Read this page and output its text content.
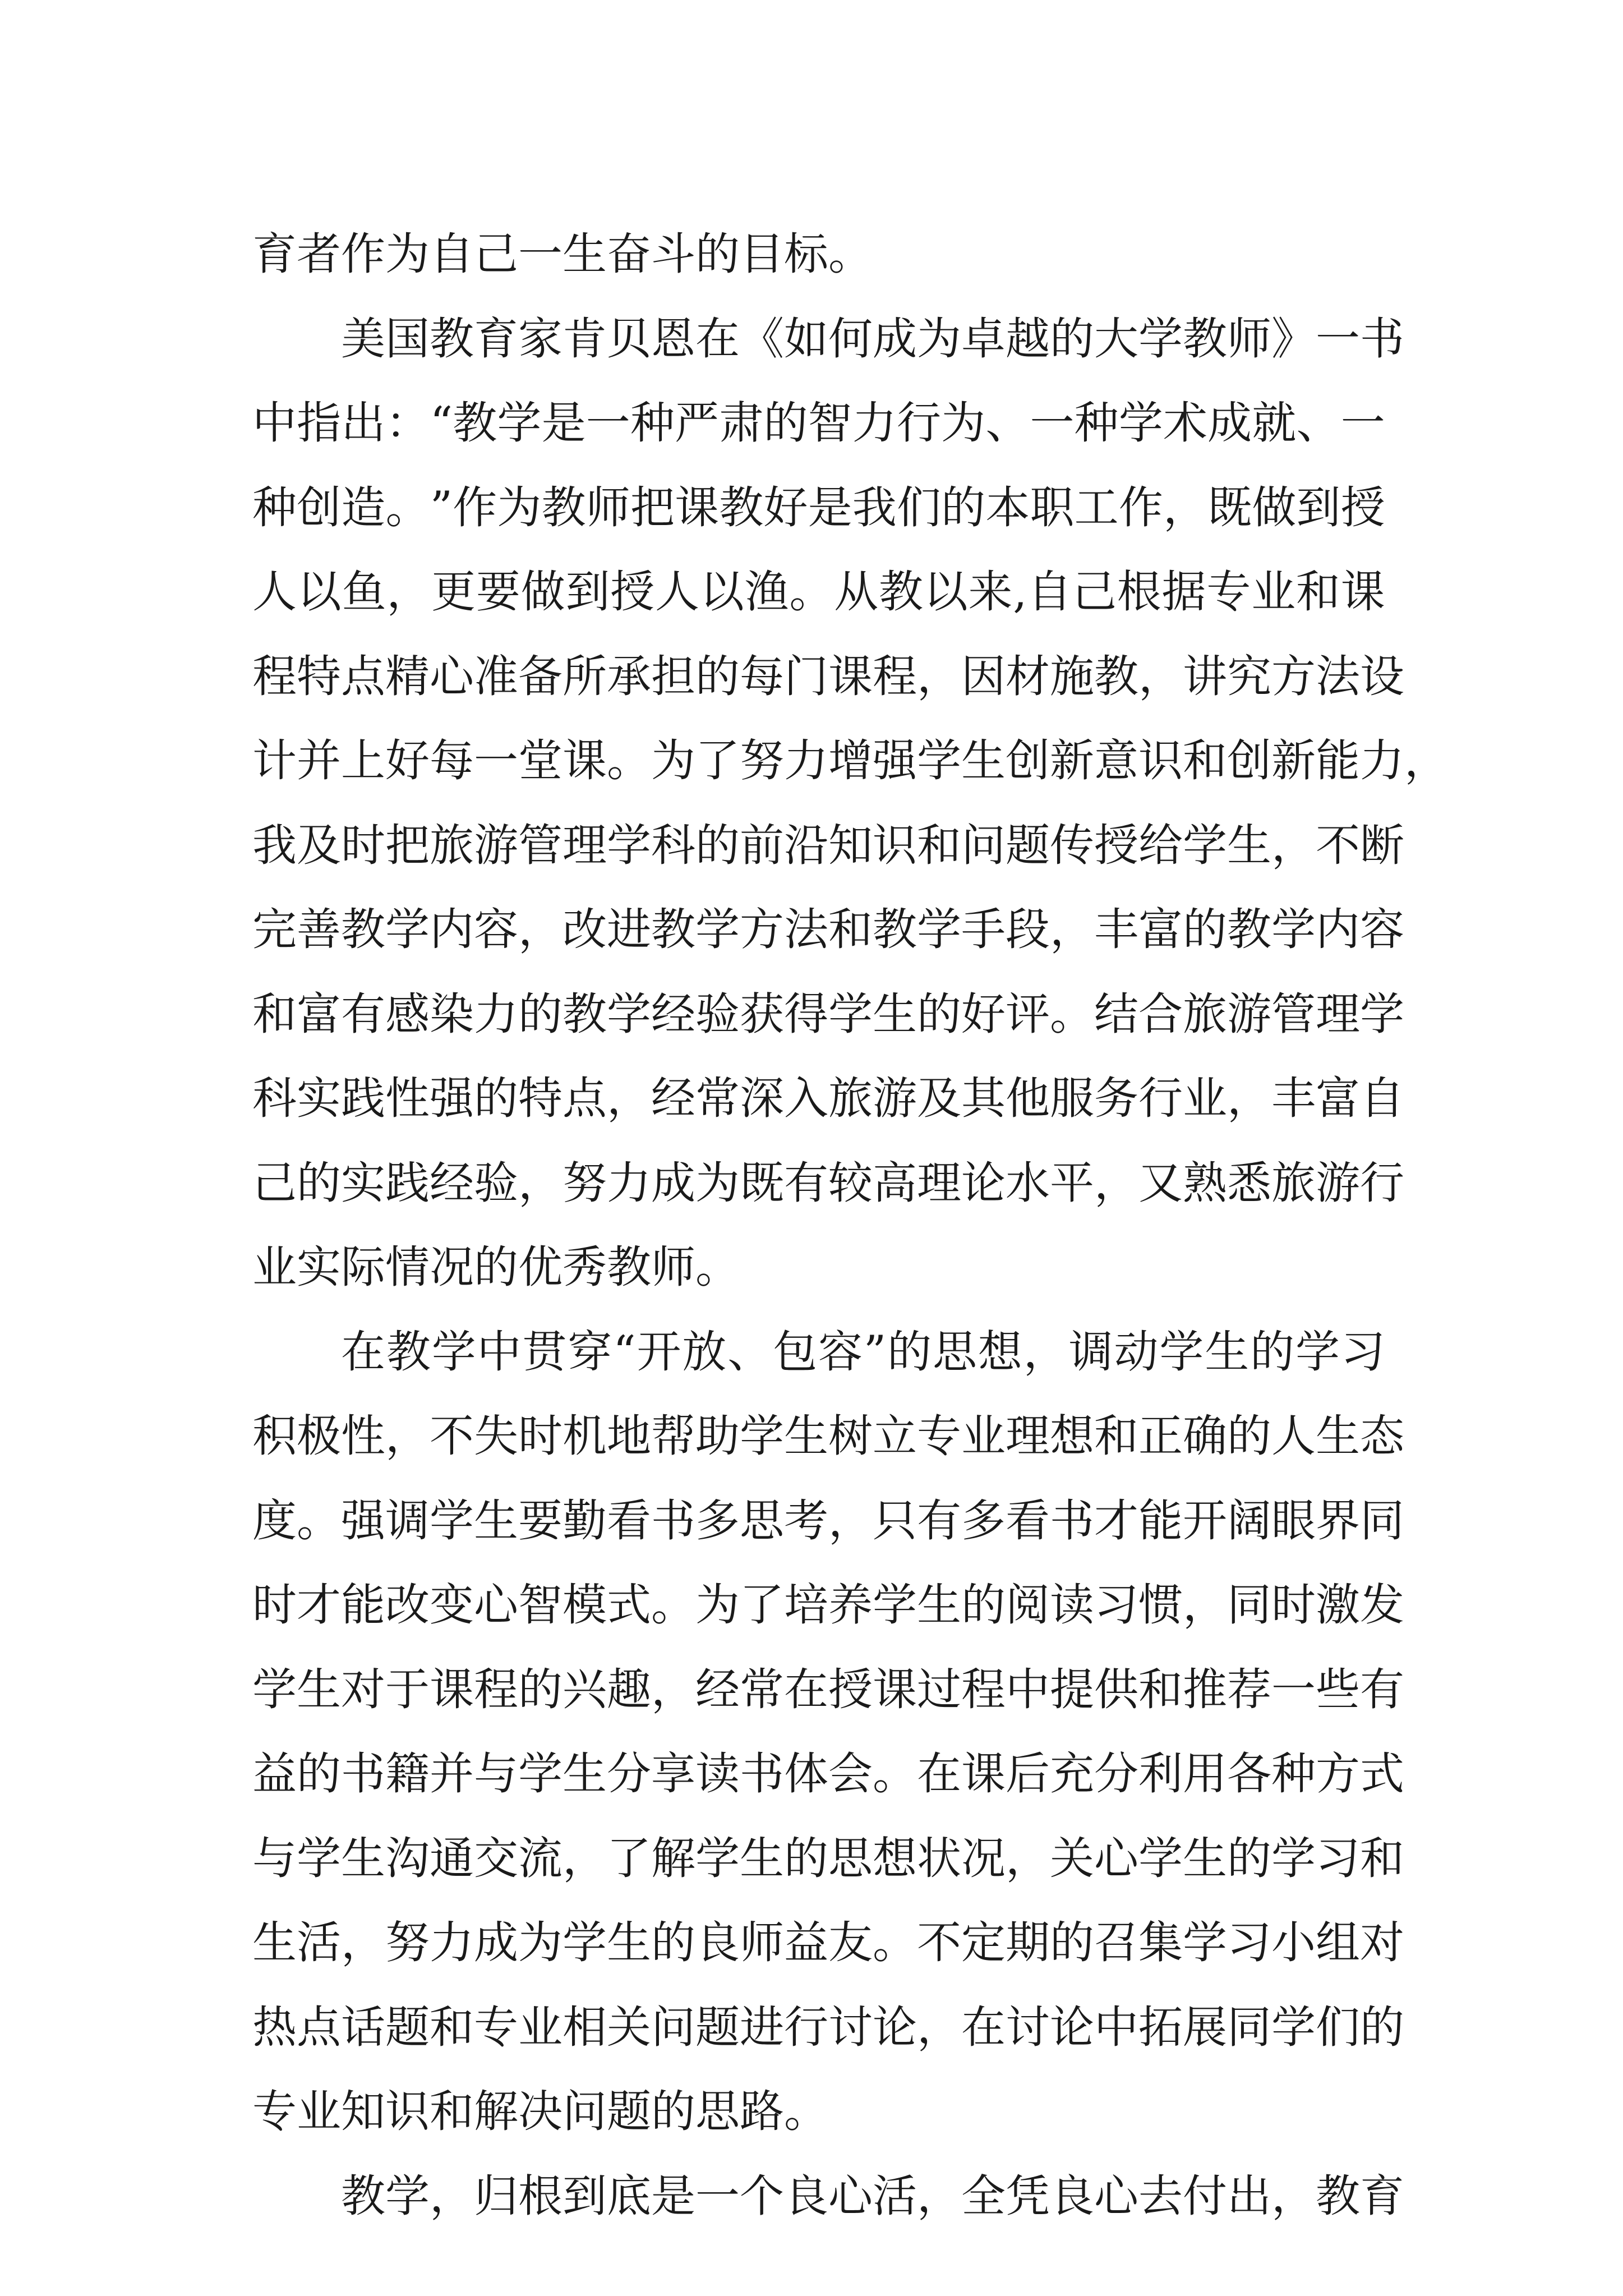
育者作为自己一生奋斗的目标。

美 国 教 育 家 肯 贝 恩 在 《 如 何 成 为 卓 越 的 大 学 教 师 》 一 书
中 指 出 ： “ 教 学 是 一 种 严 肃 的 智 力 行 为 、 一 种 学 术 成 就 、 一
种 创 造 。 ” 作 为 教 师 把 课 教 好 是 我 们 的 本 职 工 作 ， 既 做 到 授
人 以 鱼 ， 更 要 做 到 授 人 以 渔 。 从 教 以 来 , 自 己 根 据 专 业 和 课
程 特 点 精 心 准 备 所 承 担 的 每 门 课 程 ， 因 材 施 教 ， 讲 究 方 法 设
计 并 上 好 每 一 堂 课 。 为 了 努 力 增 强 学 生 创 新 意 识 和 创 新 能 力 ，
我 及 时 把 旅 游 管 理 学 科 的 前 沿 知 识 和 问 题 传 授 给 学 生 ， 不 断
完 善 教 学 内 容 ， 改 进 教 学 方 法 和 教 学 手 段 ， 丰 富 的 教 学 内 容
和 富 有 感 染 力 的 教 学 经 验 获 得 学 生 的 好 评 。 结 合 旅 游 管 理 学
科 实 践 性 强 的 特 点 ， 经 常 深 入 旅 游 及 其 他 服 务 行 业 ， 丰 富 自
己 的 实 践 经 验 ， 努 力 成 为 既 有 较 高 理 论 水 平 ， 又 熟 悉 旅 游 行
业实际情况的优秀教师。

在 教 学 中 贯 穿 “ 开 放 、 包 容 ” 的 思 想 ， 调 动 学 生 的 学 习
积 极 性 ， 不 失 时 机 地 帮 助 学 生 树 立 专 业 理 想 和 正 确 的 人 生 态
度 。 强 调 学 生 要 勤 看 书 多 思 考 ， 只 有 多 看 书 才 能 开 阔 眼 界 同
时 才 能 改 变 心 智 模 式 。 为 了 培 养 学 生 的 阅 读 习 惯 ， 同 时 激 发
学 生 对 于 课 程 的 兴 趣 ， 经 常 在 授 课 过 程 中 提 供 和 推 荐 一 些 有
益 的 书 籍 并 与 学 生 分 享 读 书 体 会 。 在 课 后 充 分 利 用 各 种 方 式
与 学 生 沟 通 交 流 ， 了 解 学 生 的 思 想 状 况 ， 关 心 学 生 的 学 习 和
生 活 ， 努 力 成 为 学 生 的 良 师 益 友 。 不 定 期 的 召 集 学 习 小 组 对
热 点 话 题 和 专 业 相 关 问 题 进 行 讨 论 ， 在 讨 论 中 拓 展 同 学 们 的
专业知识和解决问题的思路。

教 学 ， 归 根 到 底 是 一 个 良 心 活 ， 全 凭 良 心 去 付 出 ， 教 育
